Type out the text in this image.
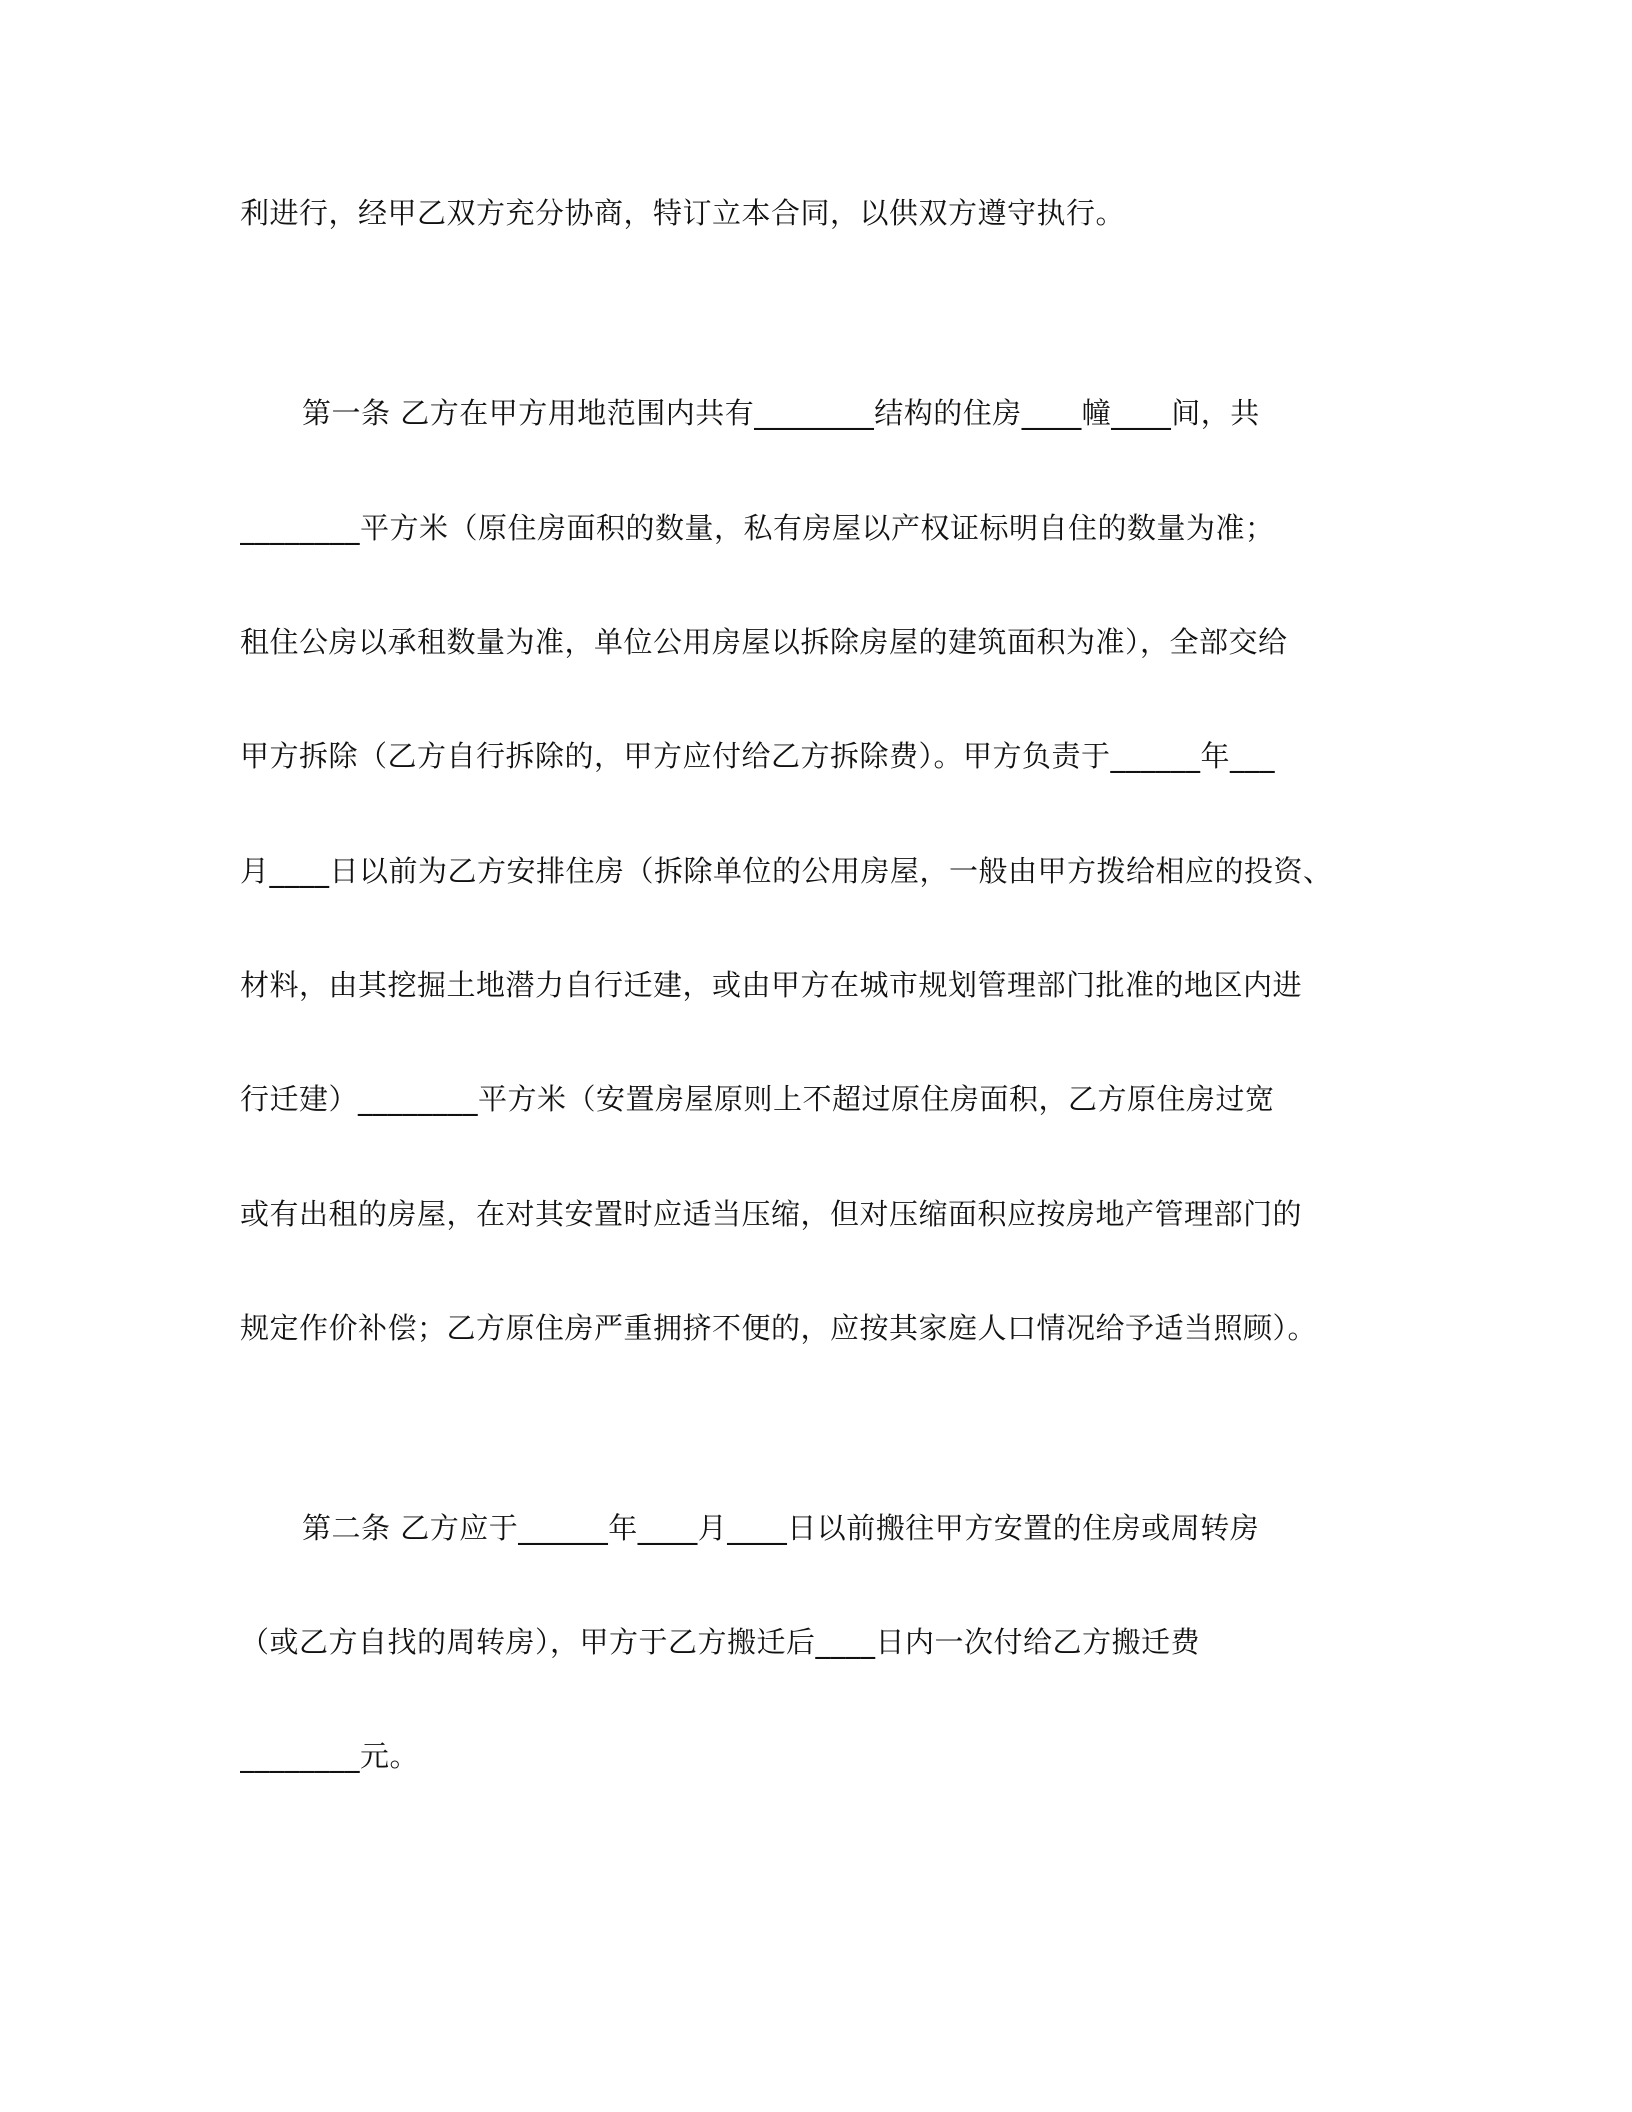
利进行，经甲乙双方充分协商，特订立本合同，以供双方遵守执行。
第一条 乙方在甲方用地范围内共有________结构的住房____幢____间，共
________平方米（原住房面积的数量，私有房屋以产权证标明自住的数量为准；
租住公房以承租数量为准，单位公用房屋以拆除房屋的建筑面积为准），全部交给
甲方拆除（乙方自行拆除的，甲方应付给乙方拆除费）。甲方负责于______年___
月____日以前为乙方安排住房（拆除单位的公用房屋，一般由甲方拨给相应的投资、
材料，由其挖掘土地潜力自行迁建，或由甲方在城市规划管理部门批准的地区内进
行迁建）________平方米（安置房屋原则上不超过原住房面积，乙方原住房过宽
或有出租的房屋，在对其安置时应适当压缩，但对压缩面积应按房地产管理部门的
规定作价补偿；乙方原住房严重拥挤不便的，应按其家庭人口情况给予适当照顾）。
第二条 乙方应于______年____月____日以前搬往甲方安置的住房或周转房
（或乙方自找的周转房），甲方于乙方搬迁后____日内一次付给乙方搬迁费
________元。
